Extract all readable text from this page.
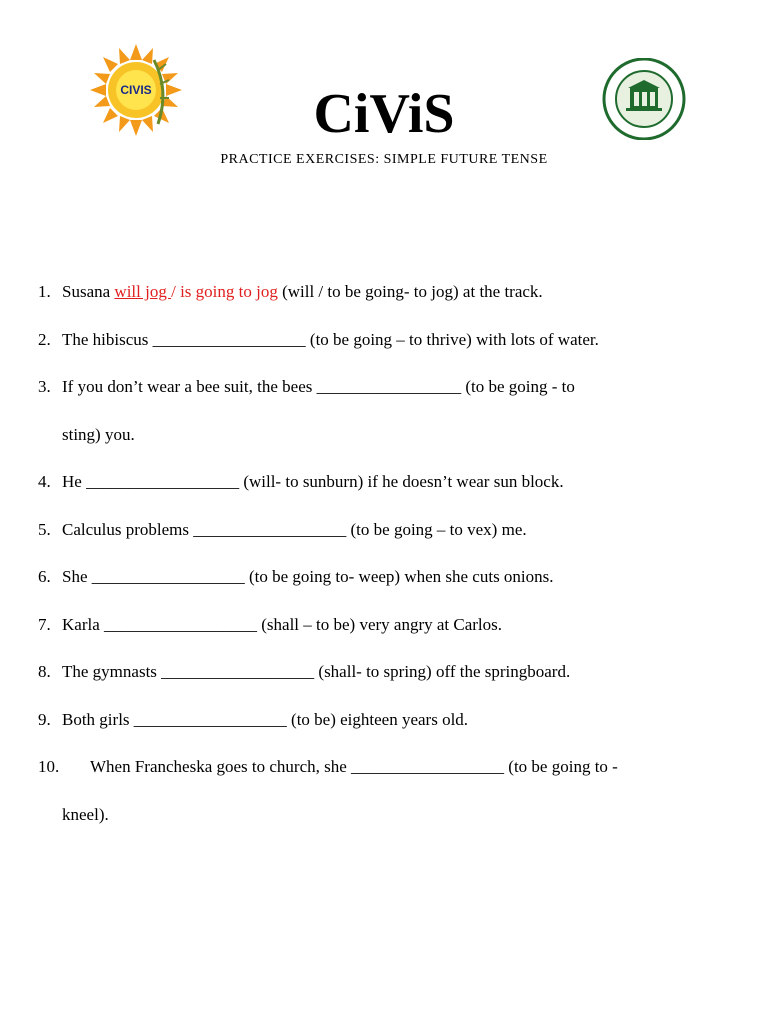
CIVIS	CiViS
PRACTICE EXERCISES: SIMPLE FUTURE TENSE
1. Susana will jog / is going to jog (will / to be going- to jog) at the track.
2. The hibiscus __________________ (to be going – to thrive) with lots of water.
3. If you don’t wear a bee suit, the bees _________________ (to be going - to
sting) you.
4. He __________________ (will- to sunburn) if he doesn’t wear sun block.
5. Calculus problems __________________ (to be going – to vex) me.
6. She __________________ (to be going to- weep) when she cuts onions.
7. Karla __________________ (shall – to be) very angry at Carlos.
8. The gymnasts __________________ (shall- to spring) off the springboard.
9. Both girls __________________ (to be) eighteen years old.
10. When Francheska goes to church, she __________________ (to be going to -
kneel).
